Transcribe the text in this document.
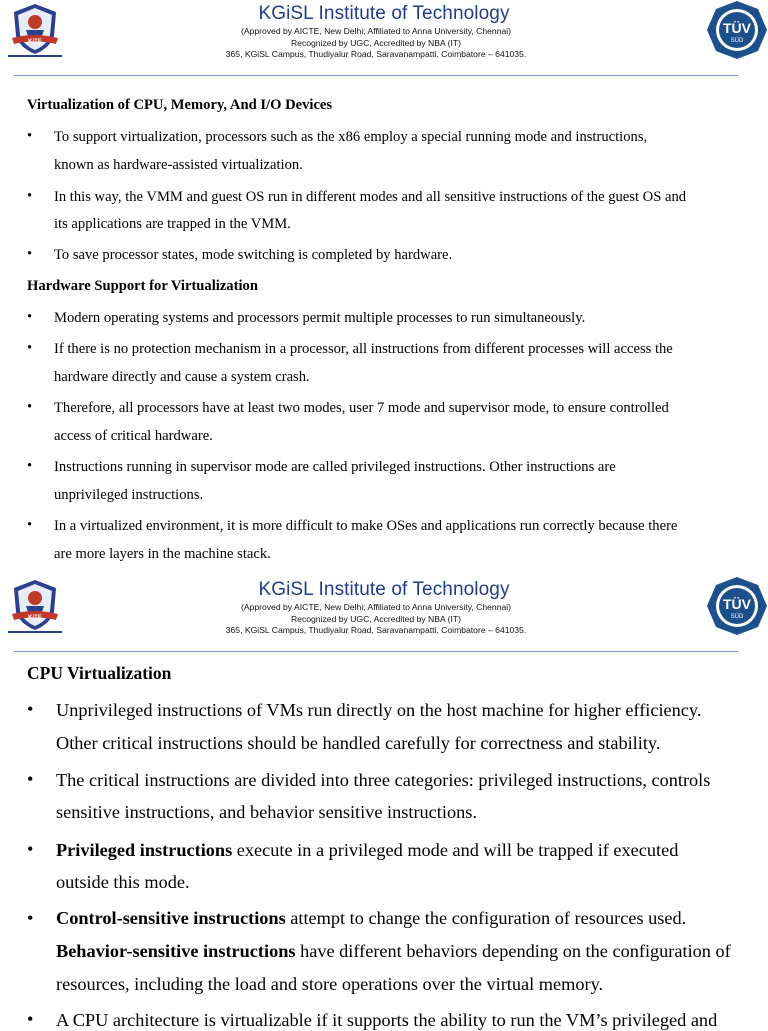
KiTE
KGiSL Institute of Technology
(Approved by AICTE, New Delhi; Affiliated to Anna University, Chennai)
Recognized by UGC, Accredited by NBA (IT)
365, KGiSL Campus, Thudiyalur Road, Saravanampatti, Coimbatore – 641035.
TÜV
SÜD
Virtualization of CPU, Memory, And I/O Devices
• To support virtualization, processors such as the x86 employ a special running mode and instructions,
known as hardware-assisted virtualization.
• In this way, the VMM and guest OS run in different modes and all sensitive instructions of the guest OS and
its applications are trapped in the VMM.
• To save processor states, mode switching is completed by hardware.
Hardware Support for Virtualization
• Modern operating systems and processors permit multiple processes to run simultaneously.
• If there is no protection mechanism in a processor, all instructions from different processes will access the
hardware directly and cause a system crash.
• Therefore, all processors have at least two modes, user 7 mode and supervisor mode, to ensure controlled
access of critical hardware.
• Instructions running in supervisor mode are called privileged instructions. Other instructions are
unprivileged instructions.
• In a virtualized environment, it is more difficult to make OSes and applications run correctly because there
are more layers in the machine stack.
KiTE
KGiSL Institute of Technology
(Approved by AICTE, New Delhi; Affiliated to Anna University, Chennai)
Recognized by UGC, Accredited by NBA (IT)
365, KGiSL Campus, Thudiyalur Road, Saravanampatti, Coimbatore – 641035.
TÜV
SÜD
CPU Virtualization
• Unprivileged instructions of VMs run directly on the host machine for higher efficiency.
Other critical instructions should be handled carefully for correctness and stability.
• The critical instructions are divided into three categories: privileged instructions, controls
sensitive instructions, and behavior sensitive instructions.
• Privileged instructions execute in a privileged mode and will be trapped if executed
outside this mode.
• Control-sensitive instructions attempt to change the configuration of resources used.
Behavior-sensitive instructions have different behaviors depending on the configuration of
resources, including the load and store operations over the virtual memory.
• A CPU architecture is virtualizable if it supports the ability to run the VM’s privileged and
